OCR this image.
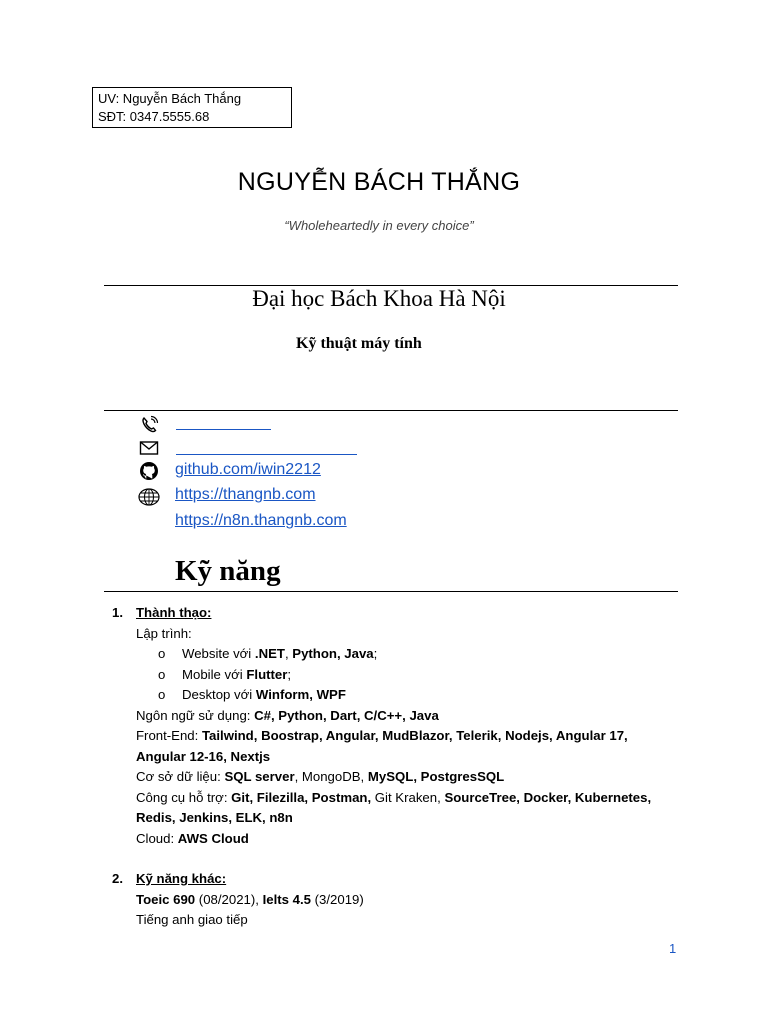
UV: Nguyễn Bách Thắng
SĐT: 0347.5555.68
NGUYỄN BÁCH THẮNG
“Wholeheartedly in every choice”
Đại học Bách Khoa Hà Nội
Kỹ thuật máy tính
github.com/iwin2212
https://thangnb.com
https://n8n.thangnb.com
Kỹ năng
1. Thành thạo:
Lập trình:
o Website với .NET, Python, Java;
o Mobile với Flutter;
o Desktop với Winform, WPF
Ngôn ngữ sử dụng: C#, Python, Dart, C/C++, Java
Front-End: Tailwind, Boostrap, Angular, MudBlazor, Telerik, Nodejs, Angular 17, Angular 12-16, Nextjs
Cơ sở dữ liệu: SQL server, MongoDB, MySQL, PostgresSQL
Công cụ hỗ trợ: Git, Filezilla, Postman, Git Kraken, SourceTree, Docker, Kubernetes, Redis, Jenkins, ELK, n8n
Cloud: AWS Cloud
2. Kỹ năng khác:
Toeic 690 (08/2021), Ielts 4.5 (3/2019)
Tiếng anh giao tiếp
1
